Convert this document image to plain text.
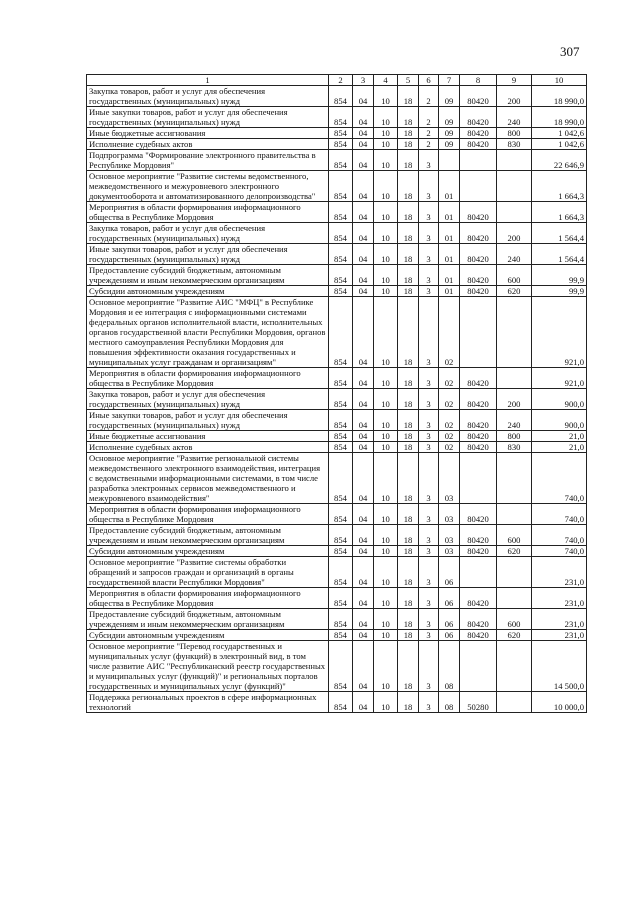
307
1	2	3	4	5	6	7	8	9	10
Закупка товаров, работ и услуг для обеспечения государственных (муниципальных) нужд	854	04	10	18	2	09	80420	200	18 990,0
Иные закупки товаров, работ и услуг для обеспечения государственных (муниципальных) нужд	854	04	10	18	2	09	80420	240	18 990,0
Иные бюджетные ассигнования	854	04	10	18	2	09	80420	800	1 042,6
Исполнение судебных актов	854	04	10	18	2	09	80420	830	1 042,6
Подпрограмма "Формирование электронного правительства в Республике Мордовия"	854	04	10	18	3				22 646,9
Основное мероприятие "Развитие системы ведомственного, межведомственного и межуровневого электронного документооборота и автоматизированного делопроизводства"	854	04	10	18	3	01			1 664,3
Мероприятия в области формирования информационного общества в Республике Мордовия	854	04	10	18	3	01	80420		1 664,3
Закупка товаров, работ и услуг для обеспечения государственных (муниципальных) нужд	854	04	10	18	3	01	80420	200	1 564,4
Иные закупки товаров, работ и услуг для обеспечения государственных (муниципальных) нужд	854	04	10	18	3	01	80420	240	1 564,4
Предоставление субсидий бюджетным, автономным учреждениям и иным некоммерческим организациям	854	04	10	18	3	01	80420	600	99,9
Субсидии автономным учреждениям	854	04	10	18	3	01	80420	620	99,9
Основное мероприятие "Развитие АИС "МФЦ" в Республике Мордовия и ее интеграция с информационными системами федеральных органов исполнительной власти, исполнительных органов государственной власти Республики Мордовия, органов местного самоуправления Республики Мордовия для повышения эффективности оказания государственных и муниципальных услуг гражданам и организациям"	854	04	10	18	3	02			921,0
Мероприятия в области формирования информационного общества в Республике Мордовия	854	04	10	18	3	02	80420		921,0
Закупка товаров, работ и услуг для обеспечения государственных (муниципальных) нужд	854	04	10	18	3	02	80420	200	900,0
Иные закупки товаров, работ и услуг для обеспечения государственных (муниципальных) нужд	854	04	10	18	3	02	80420	240	900,0
Иные бюджетные ассигнования	854	04	10	18	3	02	80420	800	21,0
Исполнение судебных актов	854	04	10	18	3	02	80420	830	21,0
Основное мероприятие "Развитие региональной системы межведомственного электронного взаимодействия, интеграция с ведомственными информационными системами, в том числе разработка электронных сервисов межведомственного и межуровневого взаимодействия"	854	04	10	18	3	03			740,0
Мероприятия в области формирования информационного общества в Республике Мордовия	854	04	10	18	3	03	80420		740,0
Предоставление субсидий бюджетным, автономным учреждениям и иным некоммерческим организациям	854	04	10	18	3	03	80420	600	740,0
Субсидии автономным учреждениям	854	04	10	18	3	03	80420	620	740,0
Основное мероприятие "Развитие системы обработки обращений и запросов граждан и организаций в органы государственной власти Республики Мордовия"	854	04	10	18	3	06			231,0
Мероприятия в области формирования информационного общества в Республике Мордовия	854	04	10	18	3	06	80420		231,0
Предоставление субсидий бюджетным, автономным учреждениям и иным некоммерческим организациям	854	04	10	18	3	06	80420	600	231,0
Субсидии автономным учреждениям	854	04	10	18	3	06	80420	620	231,0
Основное мероприятие "Перевод государственных и муниципальных услуг (функций) в электронный вид, в том числе развитие АИС "Республиканский реестр государственных и муниципальных услуг (функций)" и региональных порталов государственных и муниципальных услуг (функций)"	854	04	10	18	3	08			14 500,0
Поддержка региональных проектов в сфере информационных технологий	854	04	10	18	3	08	50280		10 000,0
